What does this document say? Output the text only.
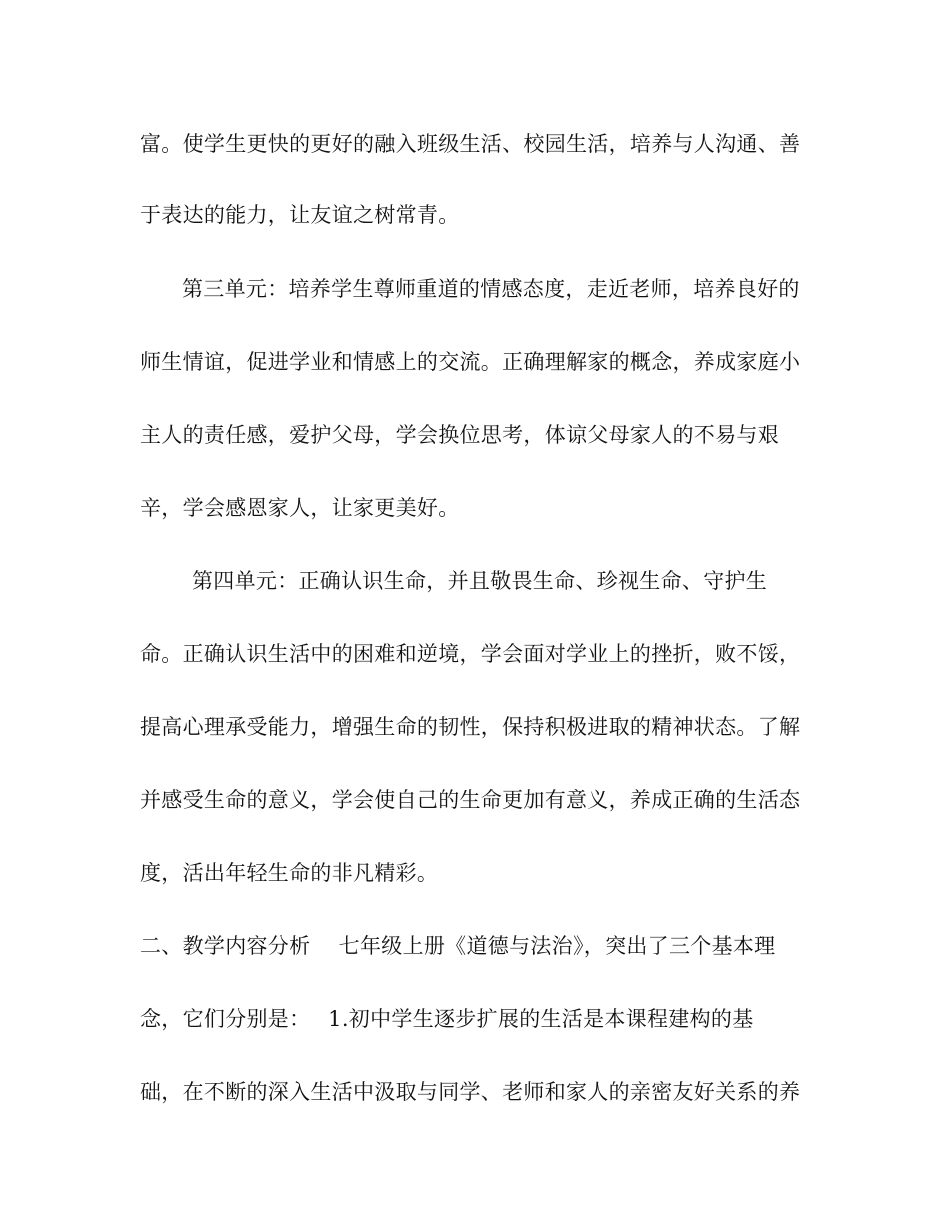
富。使学生更快的更好的融入班级生活、校园生活，培养与人沟通、善
于表达的能力，让友谊之树常青。
第三单元：培养学生尊师重道的情感态度，走近老师，培养良好的
师生情谊，促进学业和情感上的交流。正确理解家的概念，养成家庭小
主人的责任感，爱护父母，学会换位思考，体谅父母家人的不易与艰
辛，学会感恩家人，让家更美好。
第四单元：正确认识生命，并且敬畏生命、珍视生命、守护生
命。正确认识生活中的困难和逆境，学会面对学业上的挫折，败不馁，
提高心理承受能力，增强生命的韧性，保持积极进取的精神状态。了解
并感受生命的意义，学会使自己的生命更加有意义，养成正确的生活态
度，活出年轻生命的非凡精彩。
二、教学内容分析　 七年级上册《道德与法治》，突出了三个基本理
念，它们分别是：　 1.初中学生逐步扩展的生活是本课程建构的基
础，在不断的深入生活中汲取与同学、老师和家人的亲密友好关系的养
